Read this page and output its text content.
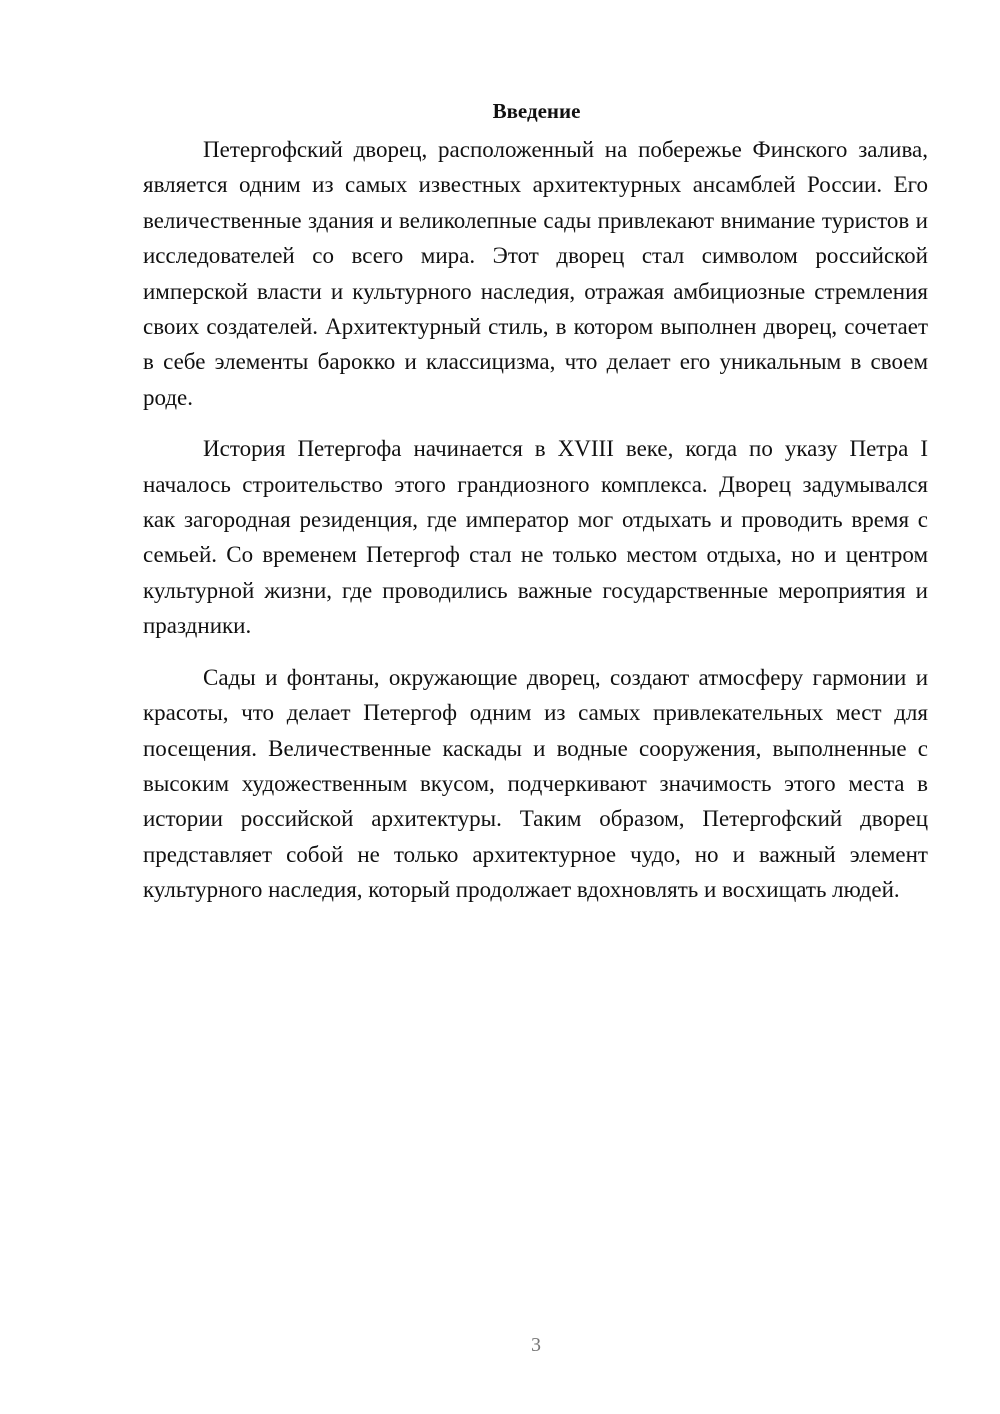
Введение

Петергофский дворец, расположенный на побережье Финского залива, является одним из самых известных архитектурных ансамблей России. Его величественные здания и великолепные сады привлекают внимание туристов и исследователей со всего мира. Этот дворец стал символом российской имперской власти и культурного наследия, отражая амбициозные стремления своих создателей. Архитектурный стиль, в котором выполнен дворец, сочетает в себе элементы барокко и классицизма, что делает его уникальным в своем роде.

История Петергофа начинается в XVIII веке, когда по указу Петра I началось строительство этого грандиозного комплекса. Дворец задумывался как загородная резиденция, где император мог отдыхать и проводить время с семьей. Со временем Петергоф стал не только местом отдыха, но и центром культурной жизни, где проводились важные государственные мероприятия и праздники.

Сады и фонтаны, окружающие дворец, создают атмосферу гармонии и красоты, что делает Петергоф одним из самых привлекательных мест для посещения. Величественные каскады и водные сооружения, выполненные с высоким художественным вкусом, подчеркивают значимость этого места в истории российской архитектуры. Таким образом, Петергофский дворец представляет собой не только архитектурное чудо, но и важный элемент культурного наследия, который продолжает вдохновлять и восхищать людей.

3
